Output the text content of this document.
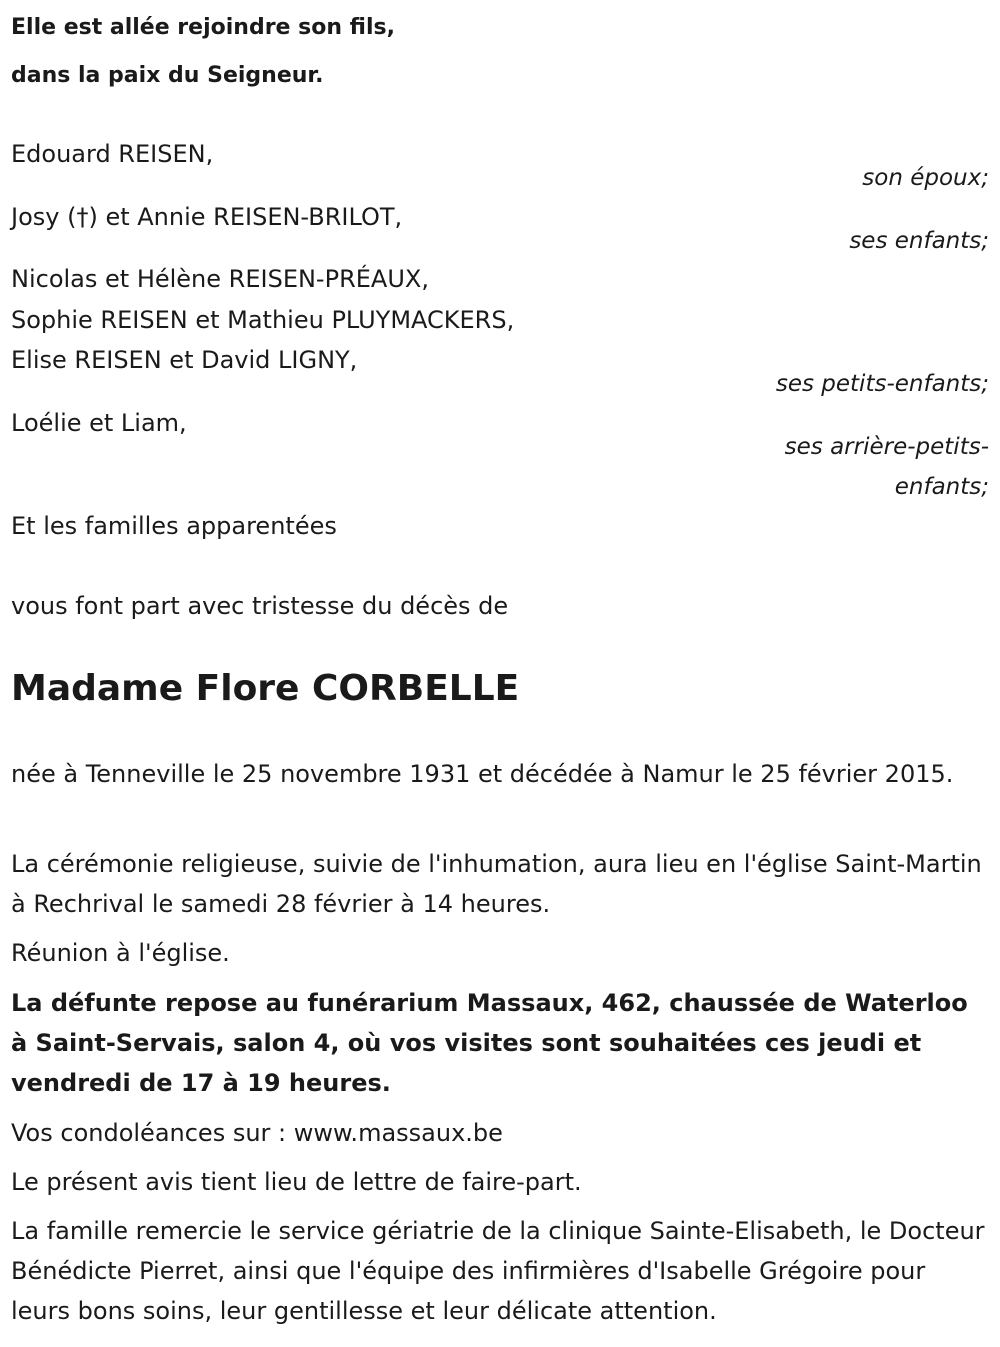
Elle est allée rejoindre son fils,

dans la paix du Seigneur.

Edouard REISEN,
son époux;
Josy (†) et Annie REISEN-BRILOT,
ses enfants;
Nicolas et Hélène REISEN-PRÉAUX,
Sophie REISEN et Mathieu PLUYMACKERS,
Elise REISEN et David LIGNY,
ses petits-enfants;
Loélie et Liam,
ses arrière-petits-
enfants;
Et les familles apparentées
vous font part avec tristesse du décès de
Madame Flore CORBELLE
née à Tenneville le 25 novembre 1931 et décédée à Namur le 25 février 2015.
La cérémonie religieuse, suivie de l'inhumation, aura lieu en l'église Saint-Martin à Rechrival le samedi 28 février à 14 heures.
Réunion à l'église.
La défunte repose au funérarium Massaux, 462, chaussée de Waterloo à Saint-Servais, salon 4, où vos visites sont souhaitées ces jeudi et vendredi de 17 à 19 heures.
Vos condoléances sur : www.massaux.be
Le présent avis tient lieu de lettre de faire-part.
La famille remercie le service gériatrie de la clinique Sainte-Elisabeth, le Docteur Bénédicte Pierret, ainsi que l'équipe des infirmières d'Isabelle Grégoire pour leurs bons soins, leur gentillesse et leur délicate attention.
